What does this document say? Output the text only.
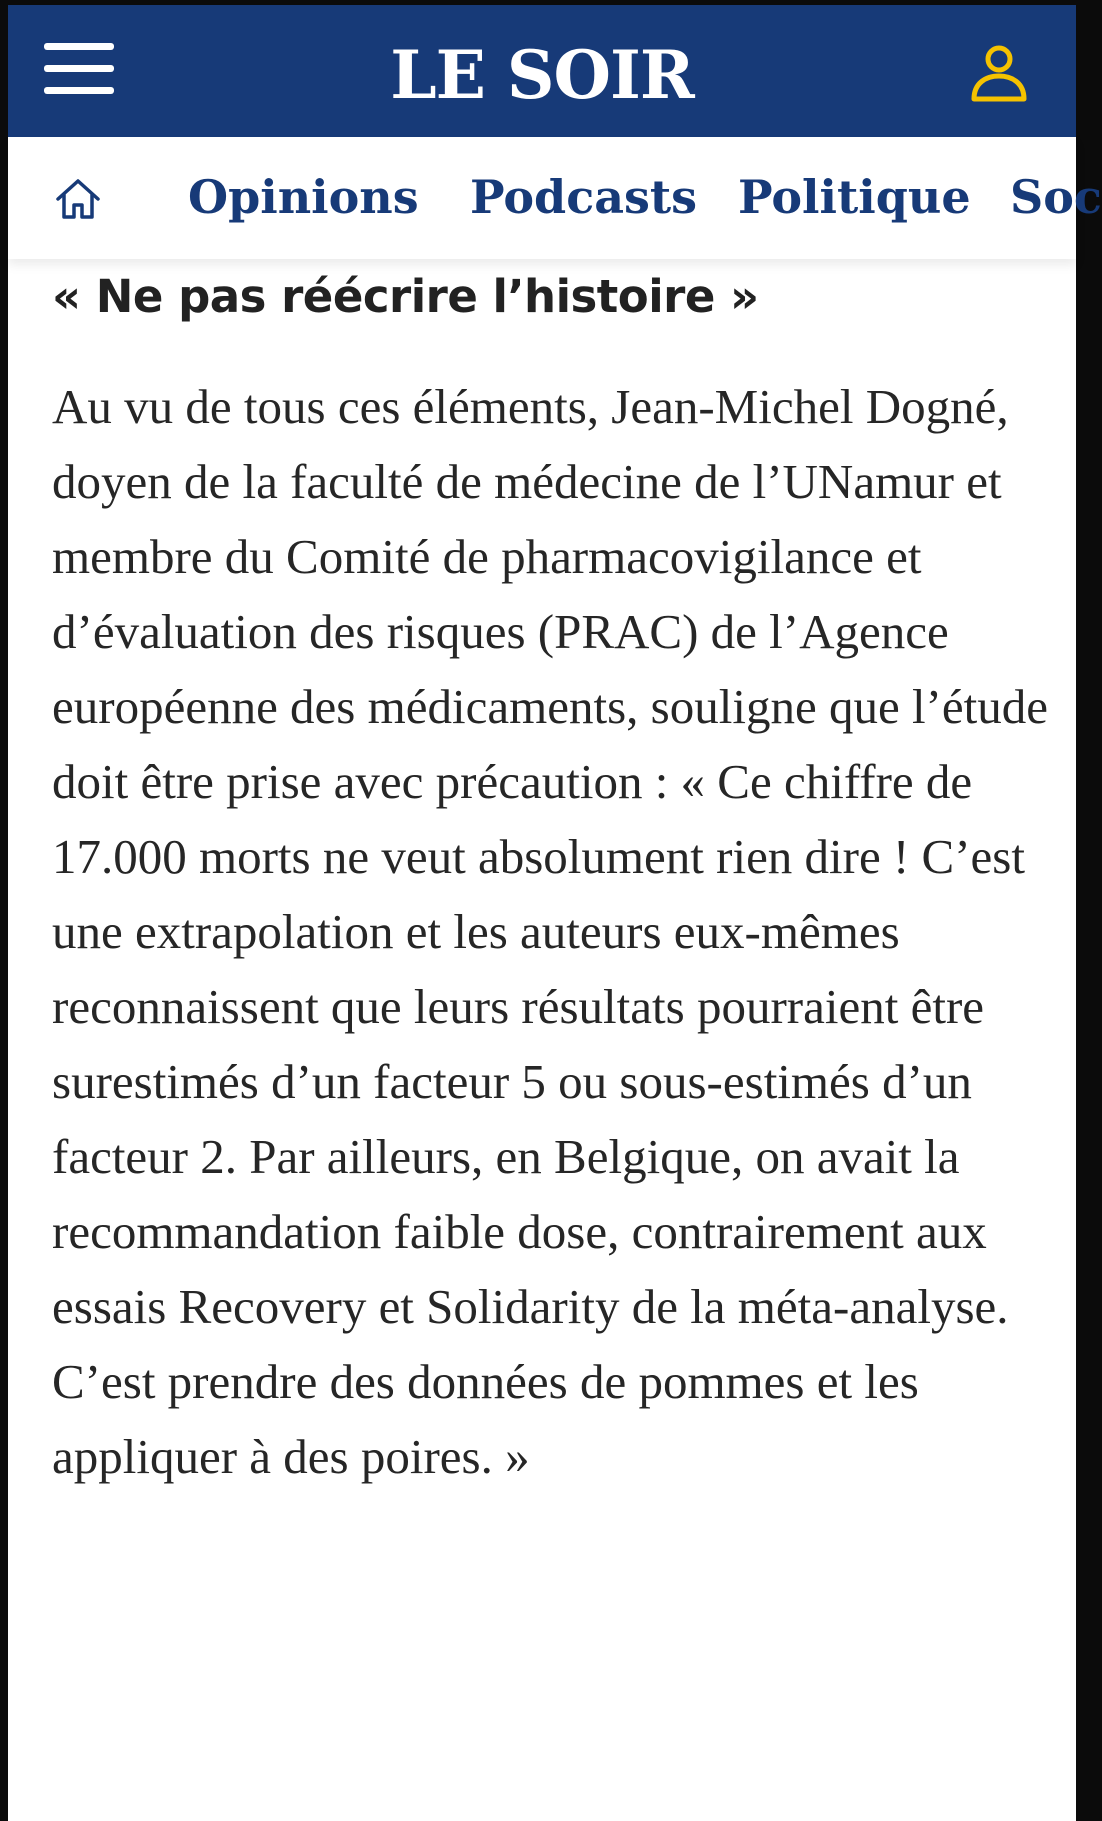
LE SOIR
Opinions Podcasts Politique Soc
« Ne pas réécrire l’histoire »

Au vu de tous ces éléments, Jean-Michel Dogné, doyen de la faculté de médecine de l’UNamur et membre du Comité de pharmacovigilance et d’évaluation des risques (PRAC) de l’Agence européenne des médicaments, souligne que l’étude doit être prise avec précaution : « Ce chiffre de 17.000 morts ne veut absolument rien dire ! C’est une extrapolation et les auteurs eux-mêmes reconnaissent que leurs résultats pourraient être surestimés d’un facteur 5 ou sous-estimés d’un facteur 2. Par ailleurs, en Belgique, on avait la recommandation faible dose, contrairement aux essais Recovery et Solidarity de la méta-analyse. C’est prendre des données de pommes et les appliquer à des poires. »
